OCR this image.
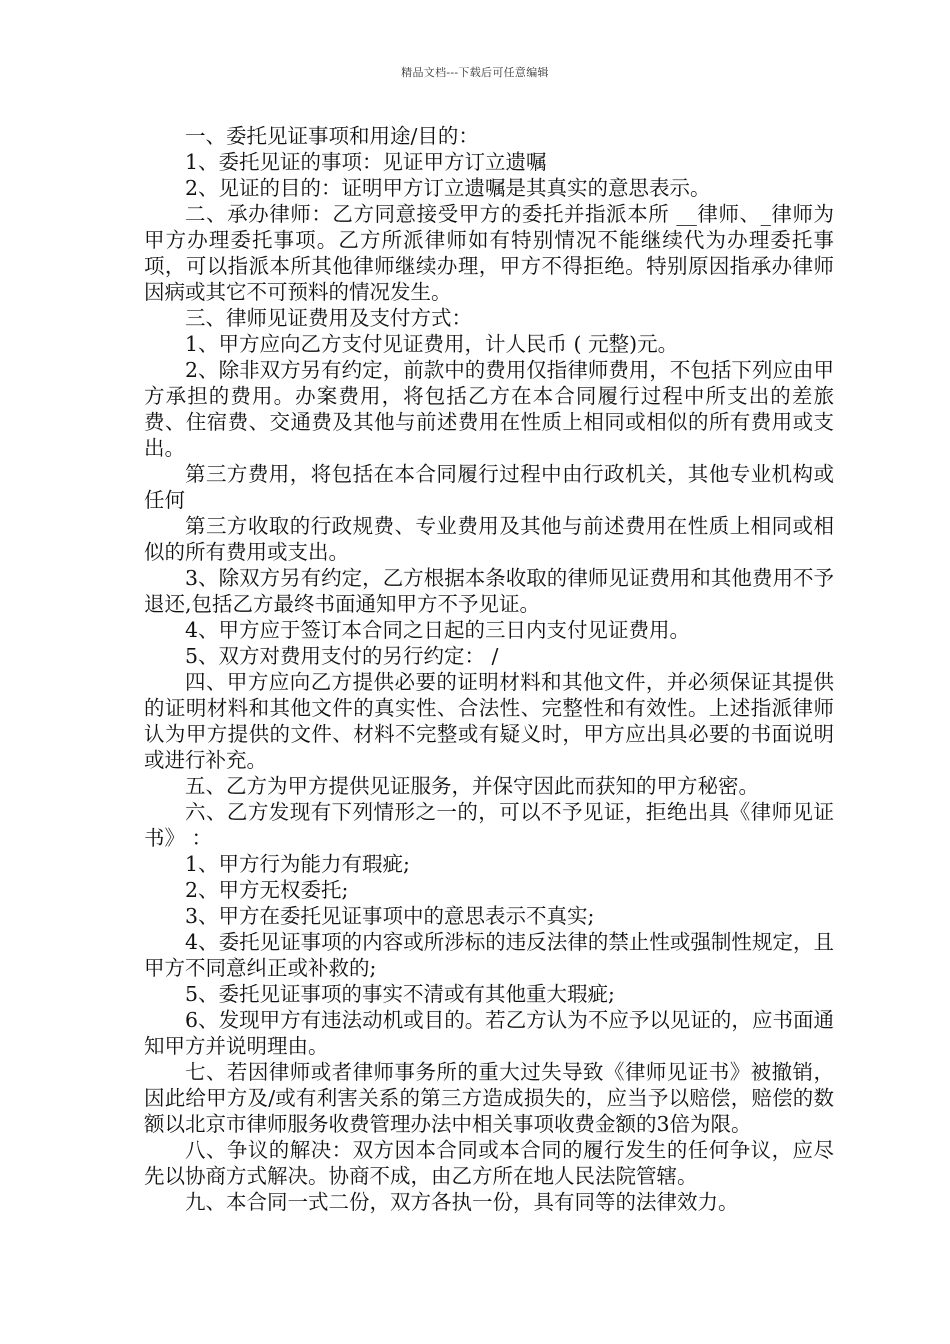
精品文档---下载后可任意编辑

一、委托见证事项和用途/目的：

1、委托见证的事项：见证甲方订立遗嘱

2、见证的目的：证明甲方订立遗嘱是其真实的意思表示。

二、承办律师：乙方同意接受甲方的委托并指派本所 __律师、_律师为甲方办理委托事项。乙方所派律师如有特别情况不能继续代为办理委托事项，可以指派本所其他律师继续办理，甲方不得拒绝。特别原因指承办律师因病或其它不可预料的情况发生。

三、律师见证费用及支付方式：

1、甲方应向乙方支付见证费用，计人民币 ( 元整)元。

2、除非双方另有约定，前款中的费用仅指律师费用，不包括下列应由甲方承担的费用。办案费用，将包括乙方在本合同履行过程中所支出的差旅费、住宿费、交通费及其他与前述费用在性质上相同或相似的所有费用或支出。

第三方费用，将包括在本合同履行过程中由行政机关，其他专业机构或任何

第三方收取的行政规费、专业费用及其他与前述费用在性质上相同或相似的所有费用或支出。

3、除双方另有约定，乙方根据本条收取的律师见证费用和其他费用不予退还,包括乙方最终书面通知甲方不予见证。

4、甲方应于签订本合同之日起的三日内支付见证费用。

5、双方对费用支付的另行约定： /

四、甲方应向乙方提供必要的证明材料和其他文件，并必须保证其提供的证明材料和其他文件的真实性、合法性、完整性和有效性。上述指派律师认为甲方提供的文件、材料不完整或有疑义时，甲方应出具必要的书面说明或进行补充。

五、乙方为甲方提供见证服务，并保守因此而获知的甲方秘密。

六、乙方发现有下列情形之一的，可以不予见证，拒绝出具《律师见证书》 ：

1、甲方行为能力有瑕疵;

2、甲方无权委托;

3、甲方在委托见证事项中的意思表示不真实;

4、委托见证事项的内容或所涉标的违反法律的禁止性或强制性规定，且甲方不同意纠正或补救的;

5、委托见证事项的事实不清或有其他重大瑕疵;

6、发现甲方有违法动机或目的。若乙方认为不应予以见证的，应书面通知甲方并说明理由。

七、若因律师或者律师事务所的重大过失导致《律师见证书》被撤销，因此给甲方及/或有利害关系的第三方造成损失的，应当予以赔偿，赔偿的数额以北京市律师服务收费管理办法中相关事项收费金额的3倍为限。

八、争议的解决：双方因本合同或本合同的履行发生的任何争议，应尽先以协商方式解决。协商不成，由乙方所在地人民法院管辖。

九、本合同一式二份，双方各执一份，具有同等的法律效力。
